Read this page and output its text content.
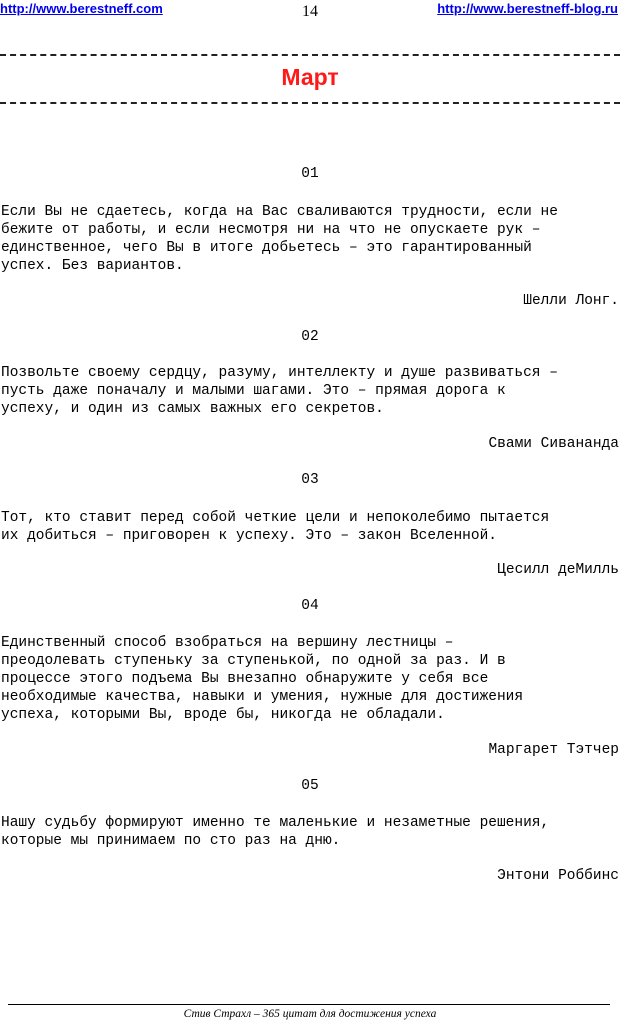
http://www.berestneff.com	14	http://www.berestneff-blog.ru
Март
01

Если Вы не сдаетесь, когда на Вас сваливаются трудности, если не
бежите от работы, и если несмотря ни на что не опускаете рук –
единственное, чего Вы в итоге добьетесь – это гарантированный
успех. Без вариантов.

Шелли Лонг.
02

Позвольте своему сердцу, разуму, интеллекту и душе развиваться –
пусть даже поначалу и малыми шагами. Это – прямая дорога к
успеху, и один из самых важных его секретов.

Свами Сивананда
03

Тот, кто ставит перед собой четкие цели и непоколебимо пытается
их добиться – приговорен к успеху. Это – закон Вселенной.

Цесилл деМилль
04

Единственный способ взобраться на вершину лестницы –
преодолевать ступеньку за ступенькой, по одной за раз. И в
процессе этого подъема Вы внезапно обнаружите у себя все
необходимые качества, навыки и умения, нужные для достижения
успеха, которыми Вы, вроде бы, никогда не обладали.

Маргарет Тэтчер
05

Нашу судьбу формируют именно те маленькие и незаметные решения,
которые мы принимаем по сто раз на дню.

Энтони Роббинс
Стив Страхл – 365 цитат для достижения успеха
